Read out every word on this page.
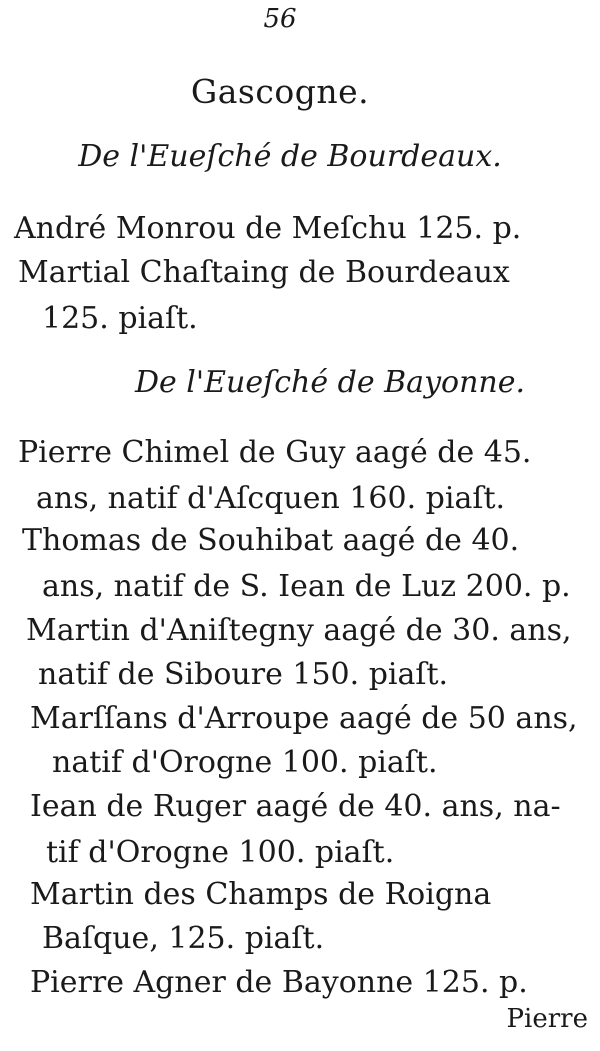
56
Gascogne.
De l'Eueſché de Bourdeaux.
André Monrou de Meſchu 125. p.
Martial Chaſtaing de Bourdeaux
125. piaſt.
De l'Eueſché de Bayonne.
Pierre Chimel de Guy aagé de 45.
ans, natif d'Aſcquen 160. piaſt.
Thomas de Souhibat aagé de 40.
ans, natif de S. Iean de Luz 200. p.
Martin d'Aniſtegny aagé de 30. ans,
natif de Siboure 150. piaſt.
Marſſans d'Arroupe aagé de 50 ans,
natif d'Orogne 100. piaſt.
Iean de Ruger aagé de 40. ans, na-
tif d'Orogne 100. piaſt.
Martin des Champs de Roigna
Baſque, 125. piaſt.
Pierre Agner de Bayonne 125. p.
Pierre
